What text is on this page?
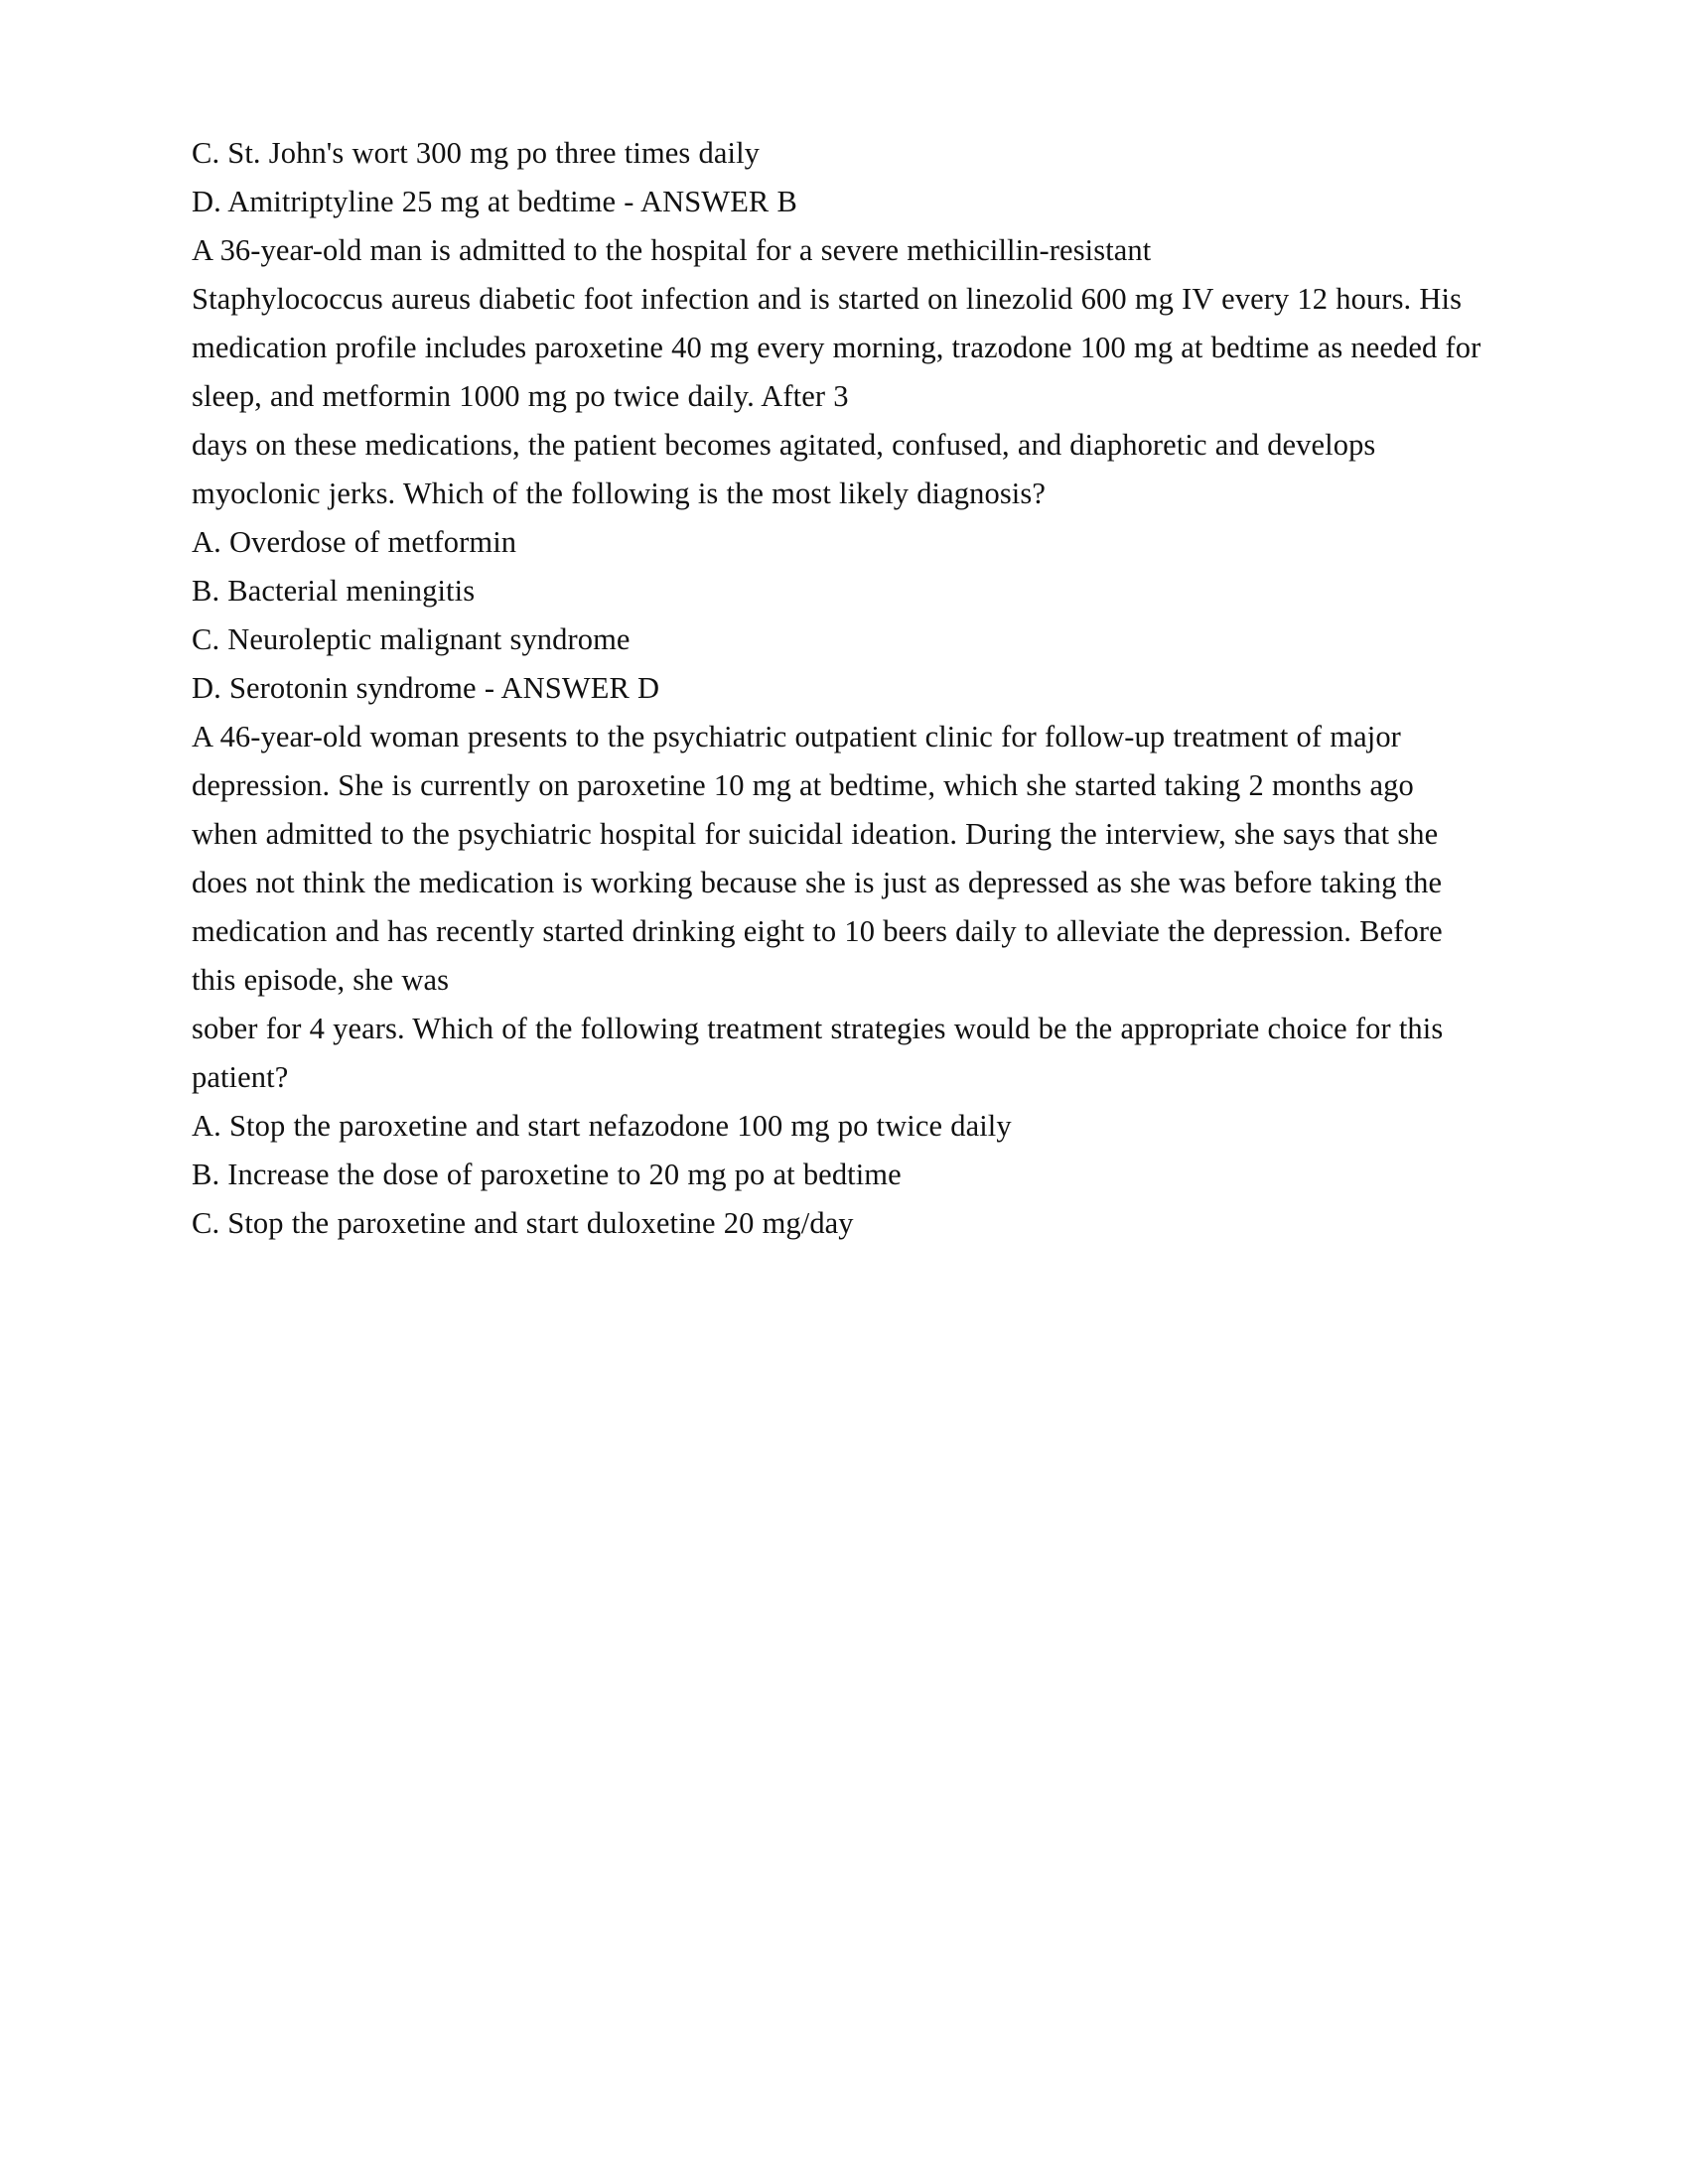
C. St. John's wort 300 mg po three times daily

D. Amitriptyline 25 mg at bedtime - ANSWER B

A 36-year-old man is admitted to the hospital for a severe methicillin-resistant

Staphylococcus aureus diabetic foot infection and is started on linezolid 600 mg IV every 12 hours. His medication profile includes paroxetine 40 mg every morning, trazodone 100 mg at bedtime as needed for sleep, and metformin 1000 mg po twice daily. After 3

days on these medications, the patient becomes agitated, confused, and diaphoretic and develops myoclonic jerks. Which of the following is the most likely diagnosis?

A. Overdose of metformin

B. Bacterial meningitis

C. Neuroleptic malignant syndrome

D. Serotonin syndrome - ANSWER D

A 46-year-old woman presents to the psychiatric outpatient clinic for follow-up treatment of major depression. She is currently on paroxetine 10 mg at bedtime, which she started taking 2 months ago when admitted to the psychiatric hospital for suicidal ideation. During the interview, she says that she does not think the medication is working because she is just as depressed as she was before taking the medication and has recently started drinking eight to 10 beers daily to alleviate the depression. Before this episode, she was

sober for 4 years. Which of the following treatment strategies would be the appropriate choice for this patient?

A. Stop the paroxetine and start nefazodone 100 mg po twice daily

B. Increase the dose of paroxetine to 20 mg po at bedtime

C. Stop the paroxetine and start duloxetine 20 mg/day
